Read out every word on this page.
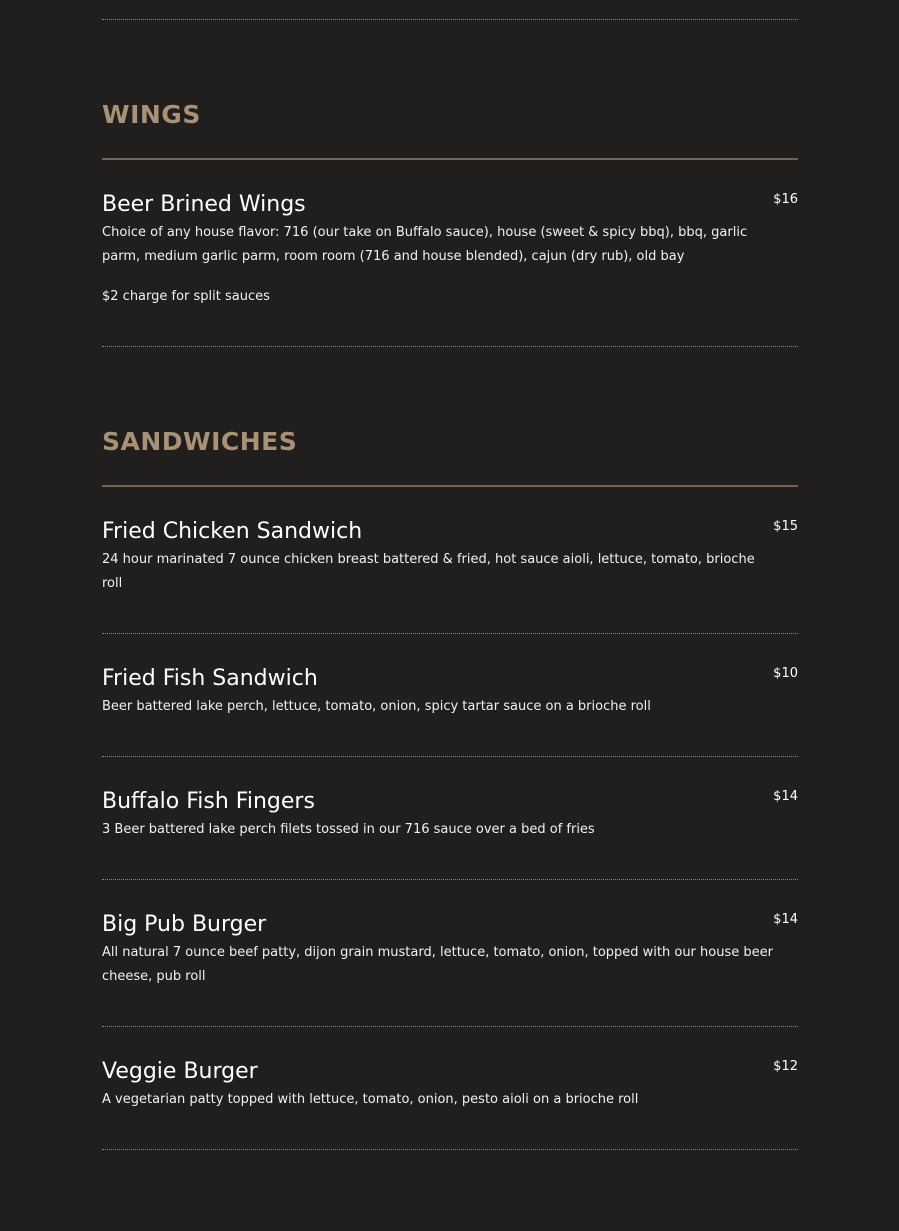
WINGS
Beer Brined Wings	$16

Choice of any house flavor: 716 (our take on Buffalo sauce), house (sweet & spicy bbq), bbq, garlic parm, medium garlic parm, room room (716 and house blended), cajun (dry rub), old bay

$2 charge for split sauces

SANDWICHES
Fried Chicken Sandwich	$15

24 hour marinated 7 ounce chicken breast battered & fried, hot sauce aioli, lettuce, tomato, brioche roll

Fried Fish Sandwich	$10

Beer battered lake perch, lettuce, tomato, onion, spicy tartar sauce on a brioche roll

Buffalo Fish Fingers	$14

3 Beer battered lake perch filets tossed in our 716 sauce over a bed of fries

Big Pub Burger	$14

All natural 7 ounce beef patty, dijon grain mustard, lettuce, tomato, onion, topped with our house beer cheese, pub roll

Veggie Burger	$12

A vegetarian patty topped with lettuce, tomato, onion, pesto aioli on a brioche roll
